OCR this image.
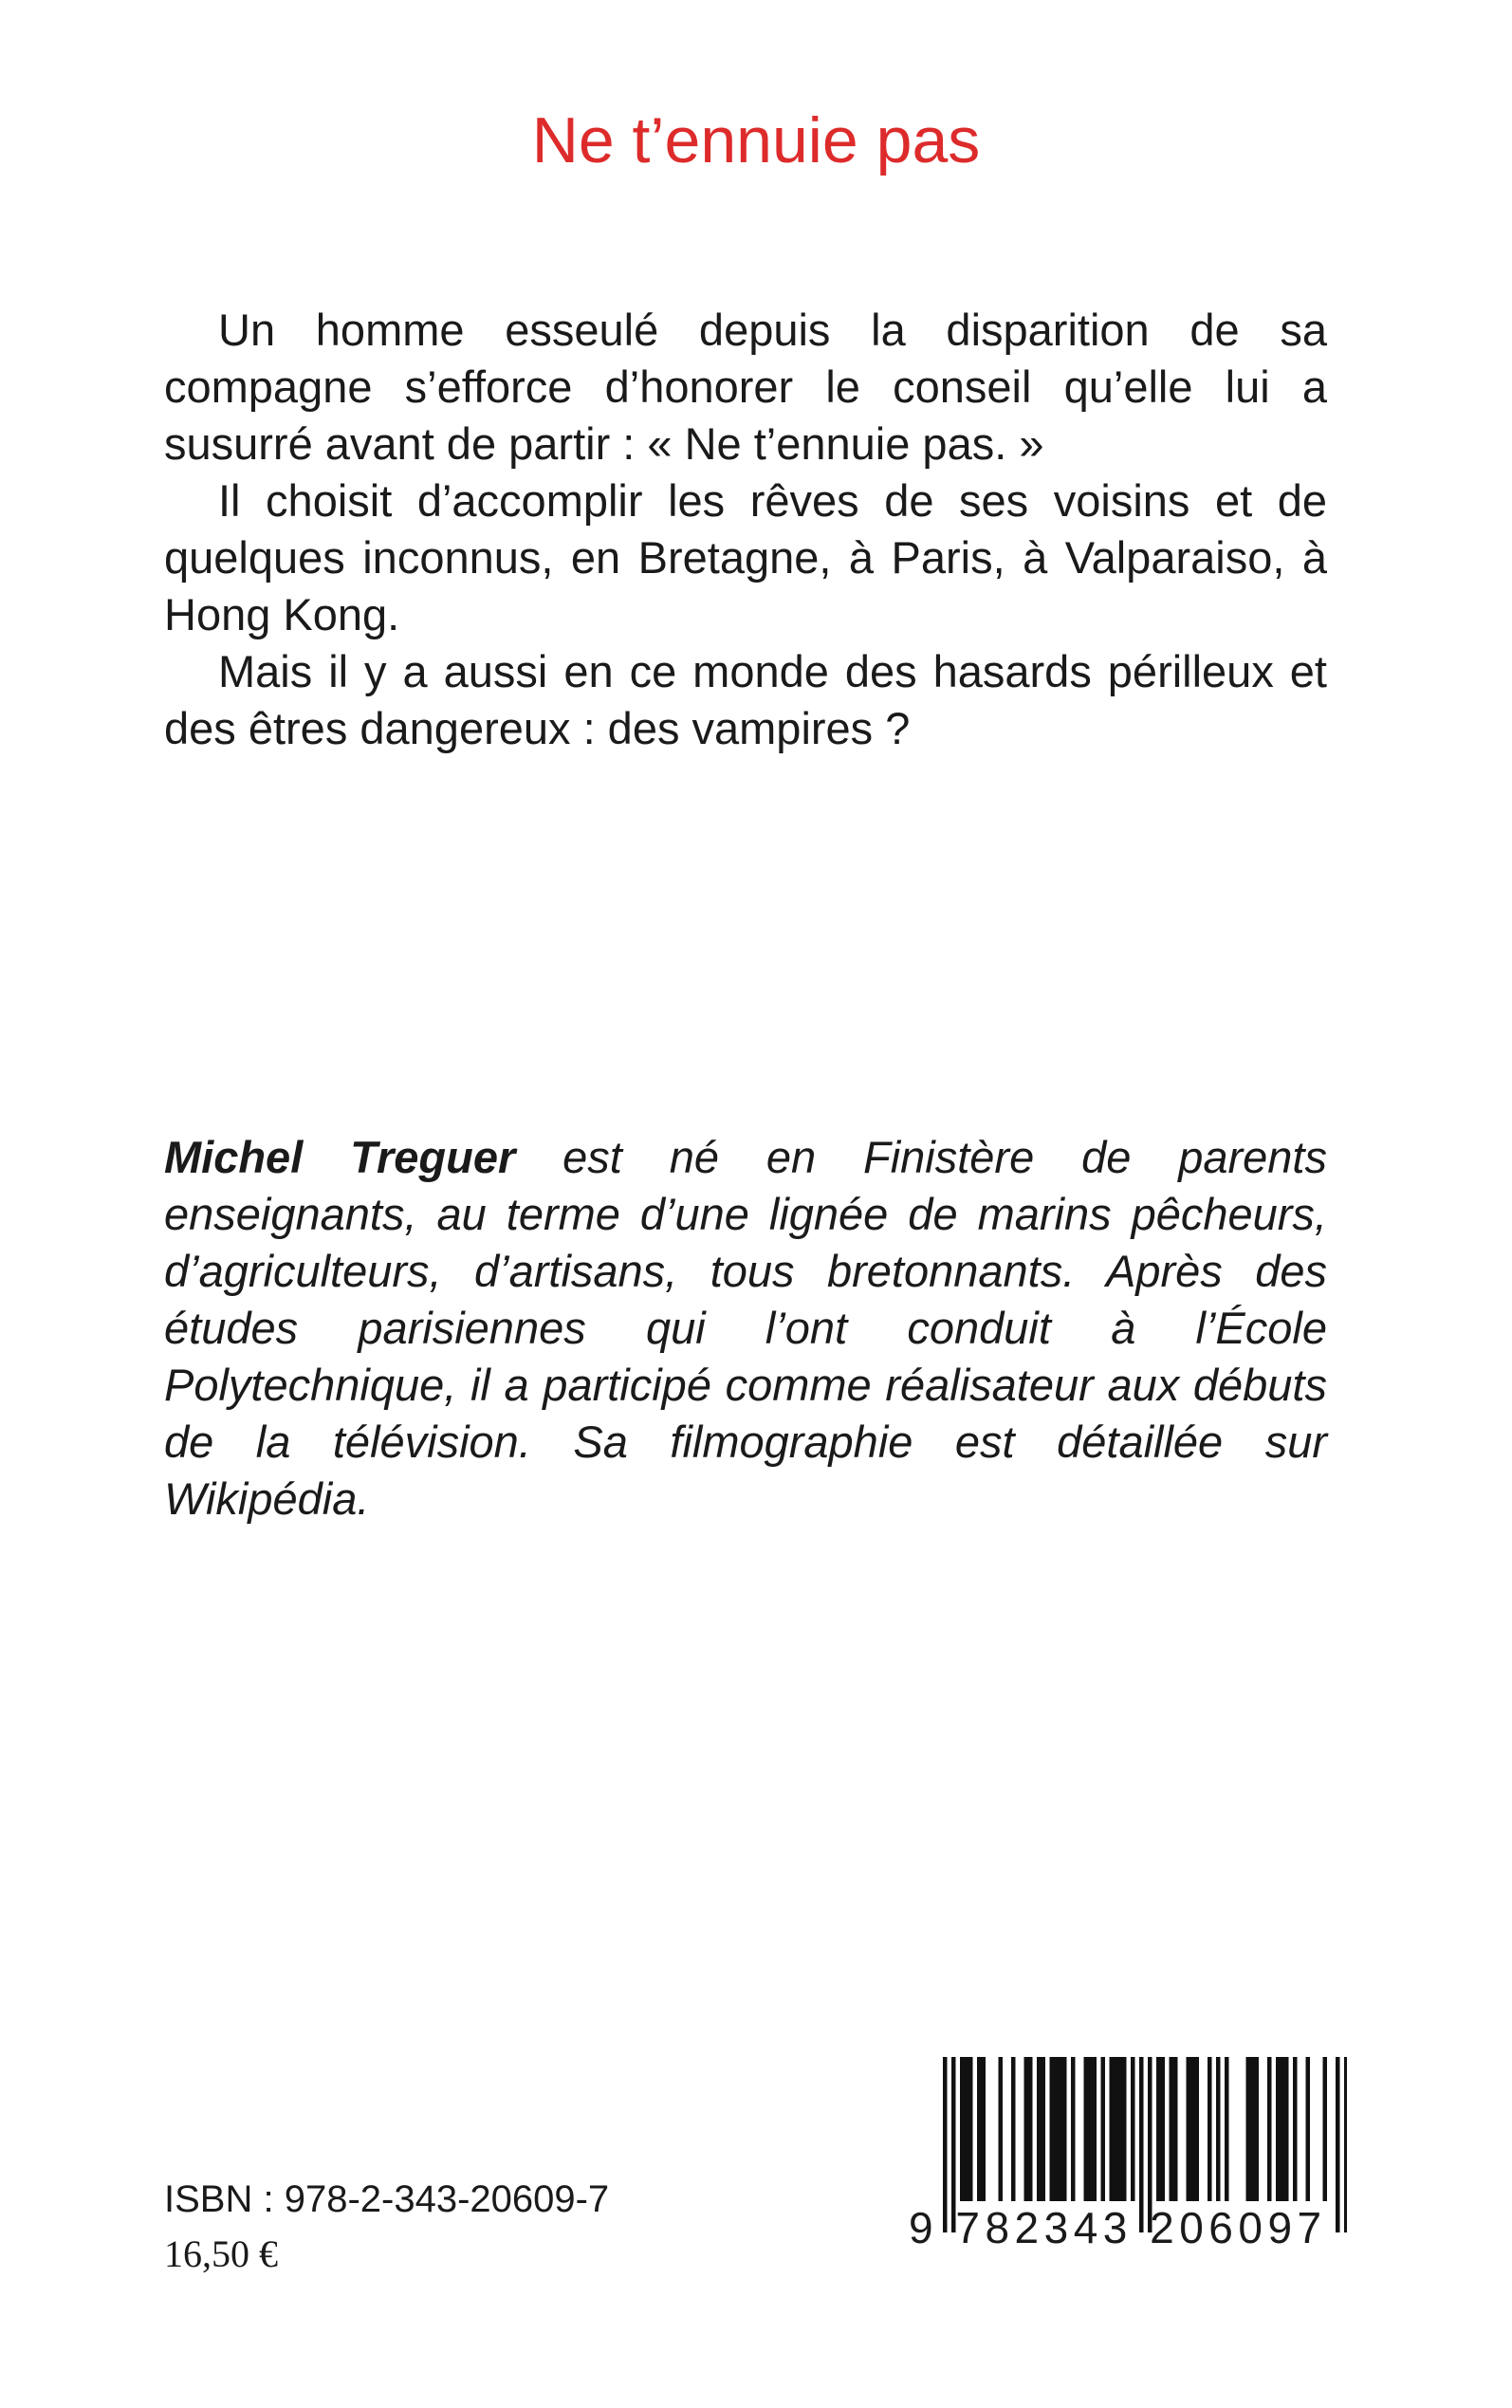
Ne t’ennuie pas

Un homme esseulé depuis la disparition de sa compagne s’efforce d’honorer le conseil qu’elle lui a susurré avant de partir : « Ne t’ennuie pas. »

Il choisit d’accomplir les rêves de ses voisins et de quelques inconnus, en Bretagne, à Paris, à Valparaiso, à Hong Kong.

Mais il y a aussi en ce monde des hasards périlleux et des êtres dangereux : des vampires ?

Michel Treguer est né en Finistère de parents enseignants, au terme d’une lignée de marins pêcheurs, d’agriculteurs, d’artisans, tous bretonnants. Après des études parisiennes qui l’ont conduit à l’École Polytechnique, il a participé comme réalisateur aux débuts de la télévision. Sa filmographie est détaillée sur Wikipédia.

ISBN : 978-2-343-20609-7

16,50 €

9 782343 206097
